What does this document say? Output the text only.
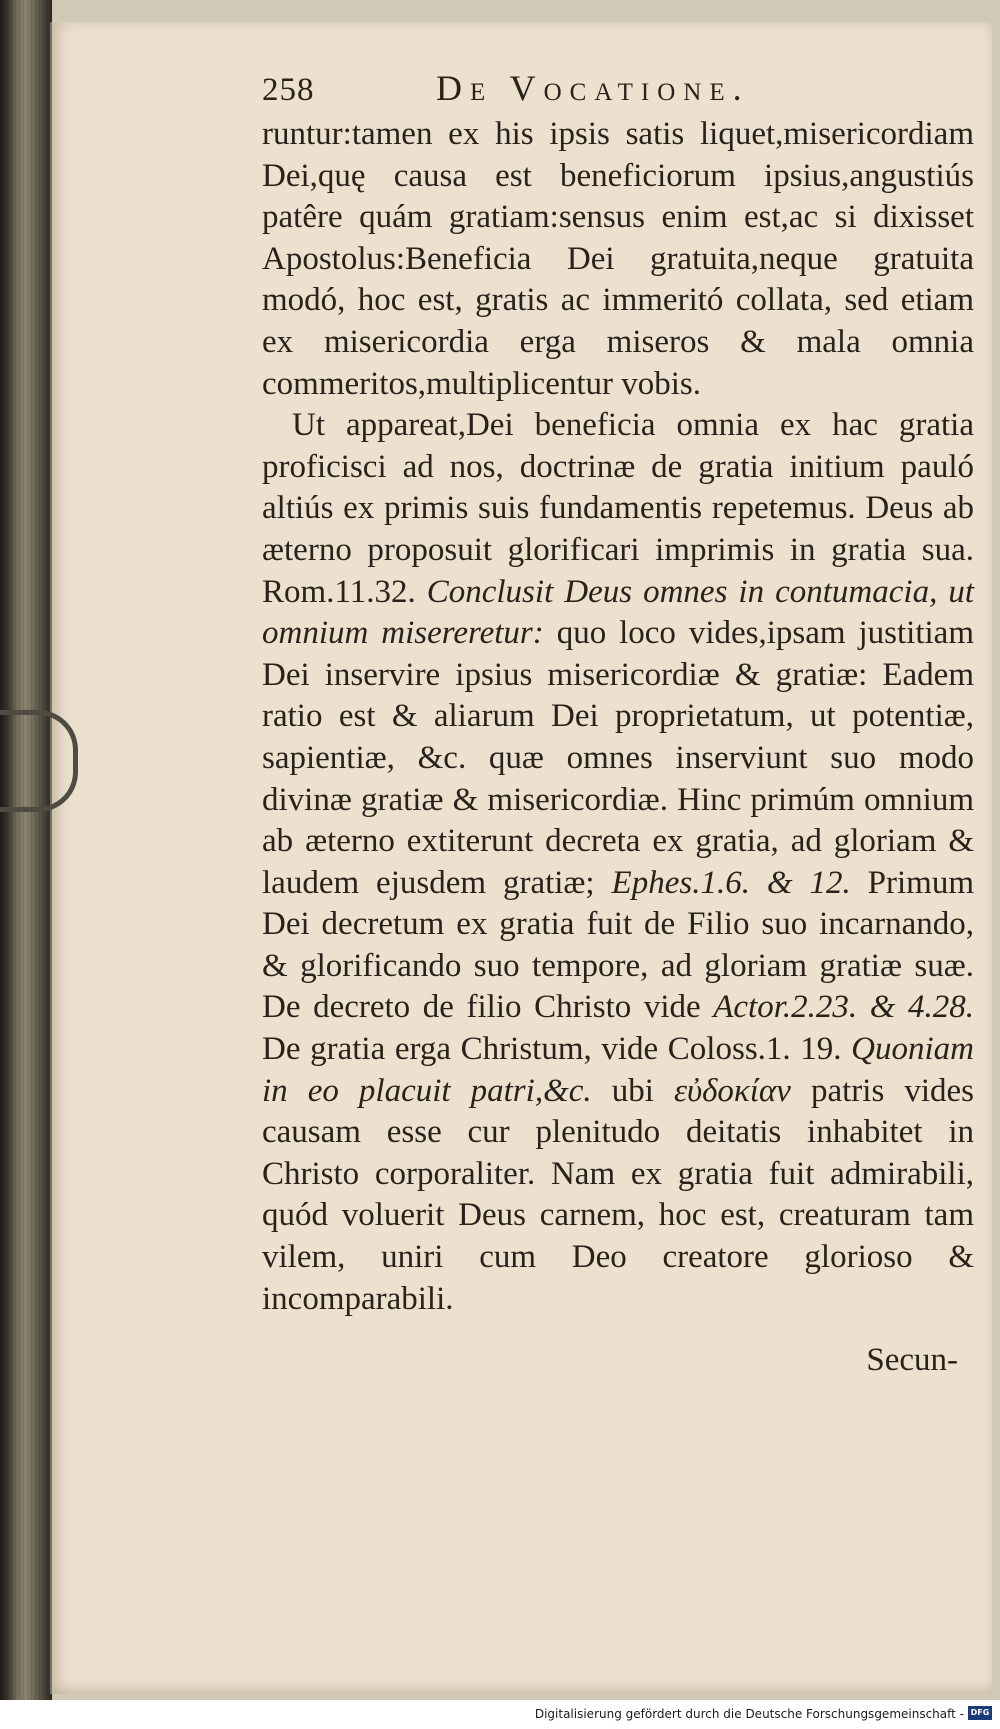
258	De Vocatione.

runtur:tamen ex his ipsis satis liquet,misericordiam Dei,quę causa est beneficiorum ipsius,angustiús patêre quám gratiam:sensus enim est,ac si dixisset Apostolus:Beneficia Dei gratuita,neque gratuita modó, hoc est, gratis ac immeritó collata, sed etiam ex misericordia erga miseros & mala omnia commeritos,multiplicentur vobis.

Ut appareat,Dei beneficia omnia ex hac gratia proficisci ad nos, doctrinæ de gratia initium pauló altiús ex primis suis fundamentis repetemus. Deus ab æterno proposuit glorificari imprimis in gratia sua. Rom.11.32. Conclusit Deus omnes in contumacia, ut omnium misereretur: quo loco vides,ipsam justitiam Dei inservire ipsius misericordiæ & gratiæ: Eadem ratio est & aliarum Dei proprietatum, ut potentiæ, sapientiæ, &c. quæ omnes inserviunt suo modo divinæ gratiæ & misericordiæ. Hinc primúm omnium ab æterno extiterunt decreta ex gratia, ad gloriam & laudem ejusdem gratiæ; Ephes.1.6. & 12. Primum Dei decretum ex gratia fuit de Filio suo incarnando, & glorificando suo tempore, ad gloriam gratiæ suæ. De decreto de filio Christo vide Actor.2.23. & 4.28. De gratia erga Christum, vide Coloss.1. 19. Quoniam in eo placuit patri,&c. ubi εὐδοκίαν patris vides causam esse cur plenitudo deitatis inhabitet in Christo corporaliter. Nam ex gratia fuit admirabili, quód voluerit Deus carnem, hoc est, creaturam tam vilem, uniri cum Deo creatore glorioso & incomparabili.

Secun-
Digitalisierung gefördert durch die Deutsche Forschungsgemeinschaft - DFG
